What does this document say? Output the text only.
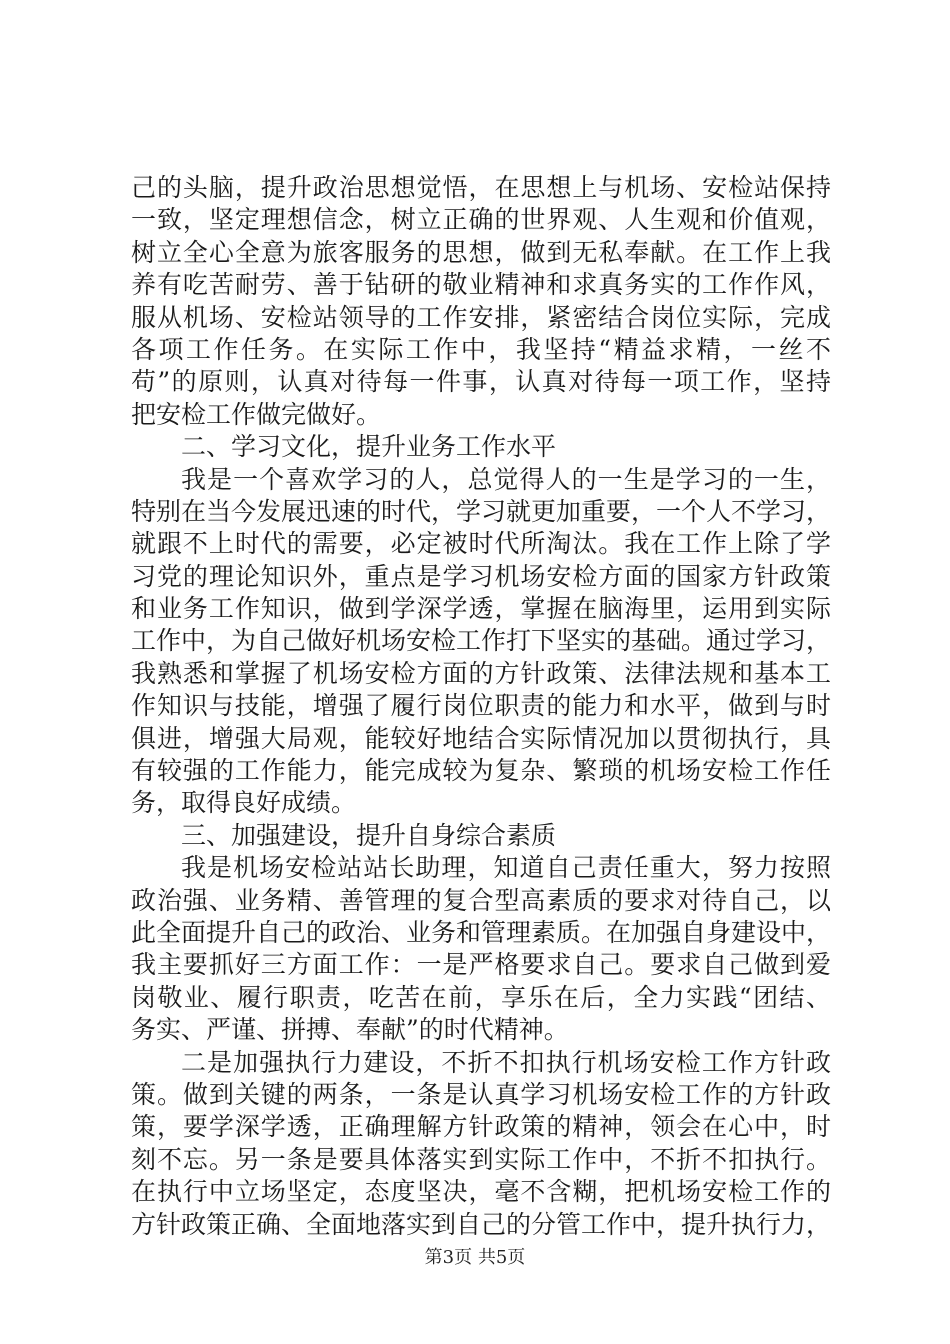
己的头脑，提升政治思想觉悟，在思想上与机场、安检站保持
一致，坚定理想信念，树立正确的世界观、人生观和价值观，
树立全心全意为旅客服务的思想，做到无私奉献。在工作上我
养有吃苦耐劳、善于钻研的敬业精神和求真务实的工作作风，
服从机场、安检站领导的工作安排，紧密结合岗位实际，完成
各项工作任务。在实际工作中，我坚持“精益求精，一丝不
苟”的原则，认真对待每一件事，认真对待每一项工作，坚持
把安检工作做完做好。
二、学习文化，提升业务工作水平
我是一个喜欢学习的人，总觉得人的一生是学习的一生，
特别在当今发展迅速的时代，学习就更加重要，一个人不学习，
就跟不上时代的需要，必定被时代所淘汰。我在工作上除了学
习党的理论知识外，重点是学习机场安检方面的国家方针政策
和业务工作知识，做到学深学透，掌握在脑海里，运用到实际
工作中，为自己做好机场安检工作打下坚实的基础。通过学习，
我熟悉和掌握了机场安检方面的方针政策、法律法规和基本工
作知识与技能，增强了履行岗位职责的能力和水平，做到与时
俱进，增强大局观，能较好地结合实际情况加以贯彻执行，具
有较强的工作能力，能完成较为复杂、繁琐的机场安检工作任
务，取得良好成绩。
三、加强建设，提升自身综合素质
我是机场安检站站长助理，知道自己责任重大，努力按照
政治强、业务精、善管理的复合型高素质的要求对待自己，以
此全面提升自己的政治、业务和管理素质。在加强自身建设中，
我主要抓好三方面工作：一是严格要求自己。要求自己做到爱
岗敬业、履行职责，吃苦在前，享乐在后，全力实践“团结、
务实、严谨、拼搏、奉献”的时代精神。
二是加强执行力建设，不折不扣执行机场安检工作方针政
策。做到关键的两条，一条是认真学习机场安检工作的方针政
策，要学深学透，正确理解方针政策的精神，领会在心中，时
刻不忘。另一条是要具体落实到实际工作中，不折不扣执行。
在执行中立场坚定，态度坚决，毫不含糊，把机场安检工作的
方针政策正确、全面地落实到自己的分管工作中，提升执行力，
第3页 共5页
